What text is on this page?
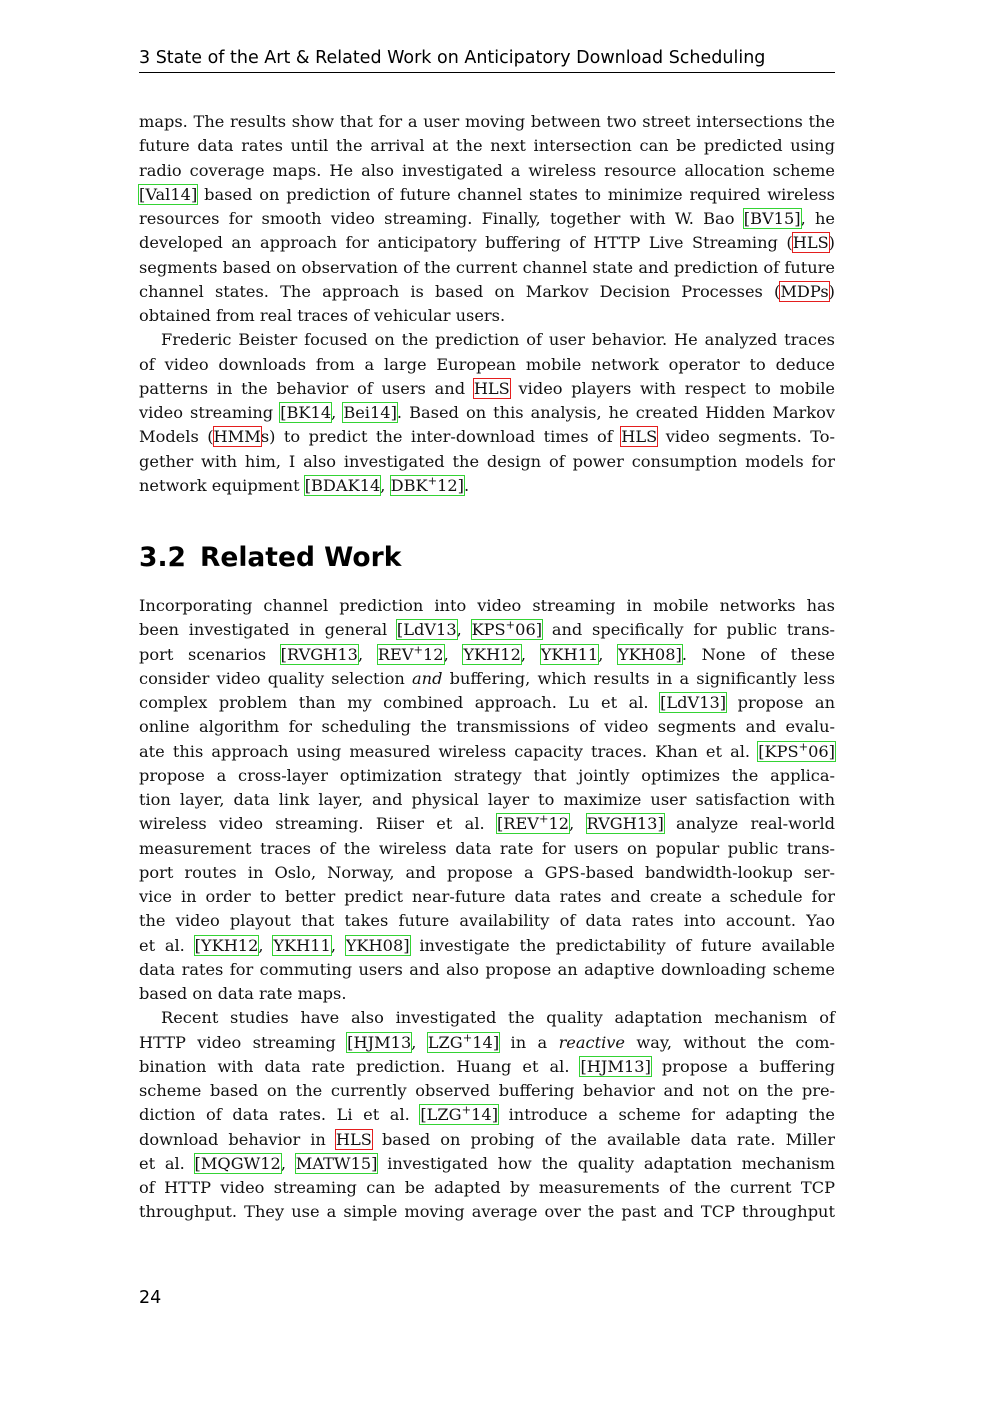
3 State of the Art & Related Work on Anticipatory Download Scheduling
maps. The results show that for a user moving between two street intersections the
future data rates until the arrival at the next intersection can be predicted using
radio coverage maps. He also investigated a wireless resource allocation scheme
[Val14] based on prediction of future channel states to minimize required wireless
resources for smooth video streaming. Finally, together with W. Bao [BV15], he
developed an approach for anticipatory buffering of HTTP Live Streaming (HLS)
segments based on observation of the current channel state and prediction of future
channel states. The approach is based on Markov Decision Processes (MDPs)
obtained from real traces of vehicular users.
Frederic Beister focused on the prediction of user behavior. He analyzed traces
of video downloads from a large European mobile network operator to deduce
patterns in the behavior of users and HLS video players with respect to mobile
video streaming [BK14, Bei14]. Based on this analysis, he created Hidden Markov
Models (HMMs) to predict the inter-download times of HLS video segments. To-
gether with him, I also investigated the design of power consumption models for
network equipment [BDAK14, DBK+12].
3.2 Related Work
Incorporating channel prediction into video streaming in mobile networks has
been investigated in general [LdV13, KPS+06] and specifically for public trans-
port scenarios [RVGH13, REV+12, YKH12, YKH11, YKH08]. None of these
consider video quality selection and buffering, which results in a significantly less
complex problem than my combined approach. Lu et al. [LdV13] propose an
online algorithm for scheduling the transmissions of video segments and evalu-
ate this approach using measured wireless capacity traces. Khan et al. [KPS+06]
propose a cross-layer optimization strategy that jointly optimizes the applica-
tion layer, data link layer, and physical layer to maximize user satisfaction with
wireless video streaming. Riiser et al. [REV+12, RVGH13] analyze real-world
measurement traces of the wireless data rate for users on popular public trans-
port routes in Oslo, Norway, and propose a GPS-based bandwidth-lookup ser-
vice in order to better predict near-future data rates and create a schedule for
the video playout that takes future availability of data rates into account. Yao
et al. [YKH12, YKH11, YKH08] investigate the predictability of future available
data rates for commuting users and also propose an adaptive downloading scheme
based on data rate maps.
Recent studies have also investigated the quality adaptation mechanism of
HTTP video streaming [HJM13, LZG+14] in a reactive way, without the com-
bination with data rate prediction. Huang et al. [HJM13] propose a buffering
scheme based on the currently observed buffering behavior and not on the pre-
diction of data rates. Li et al. [LZG+14] introduce a scheme for adapting the
download behavior in HLS based on probing of the available data rate. Miller
et al. [MQGW12, MATW15] investigated how the quality adaptation mechanism
of HTTP video streaming can be adapted by measurements of the current TCP
throughput. They use a simple moving average over the past and TCP throughput
24
